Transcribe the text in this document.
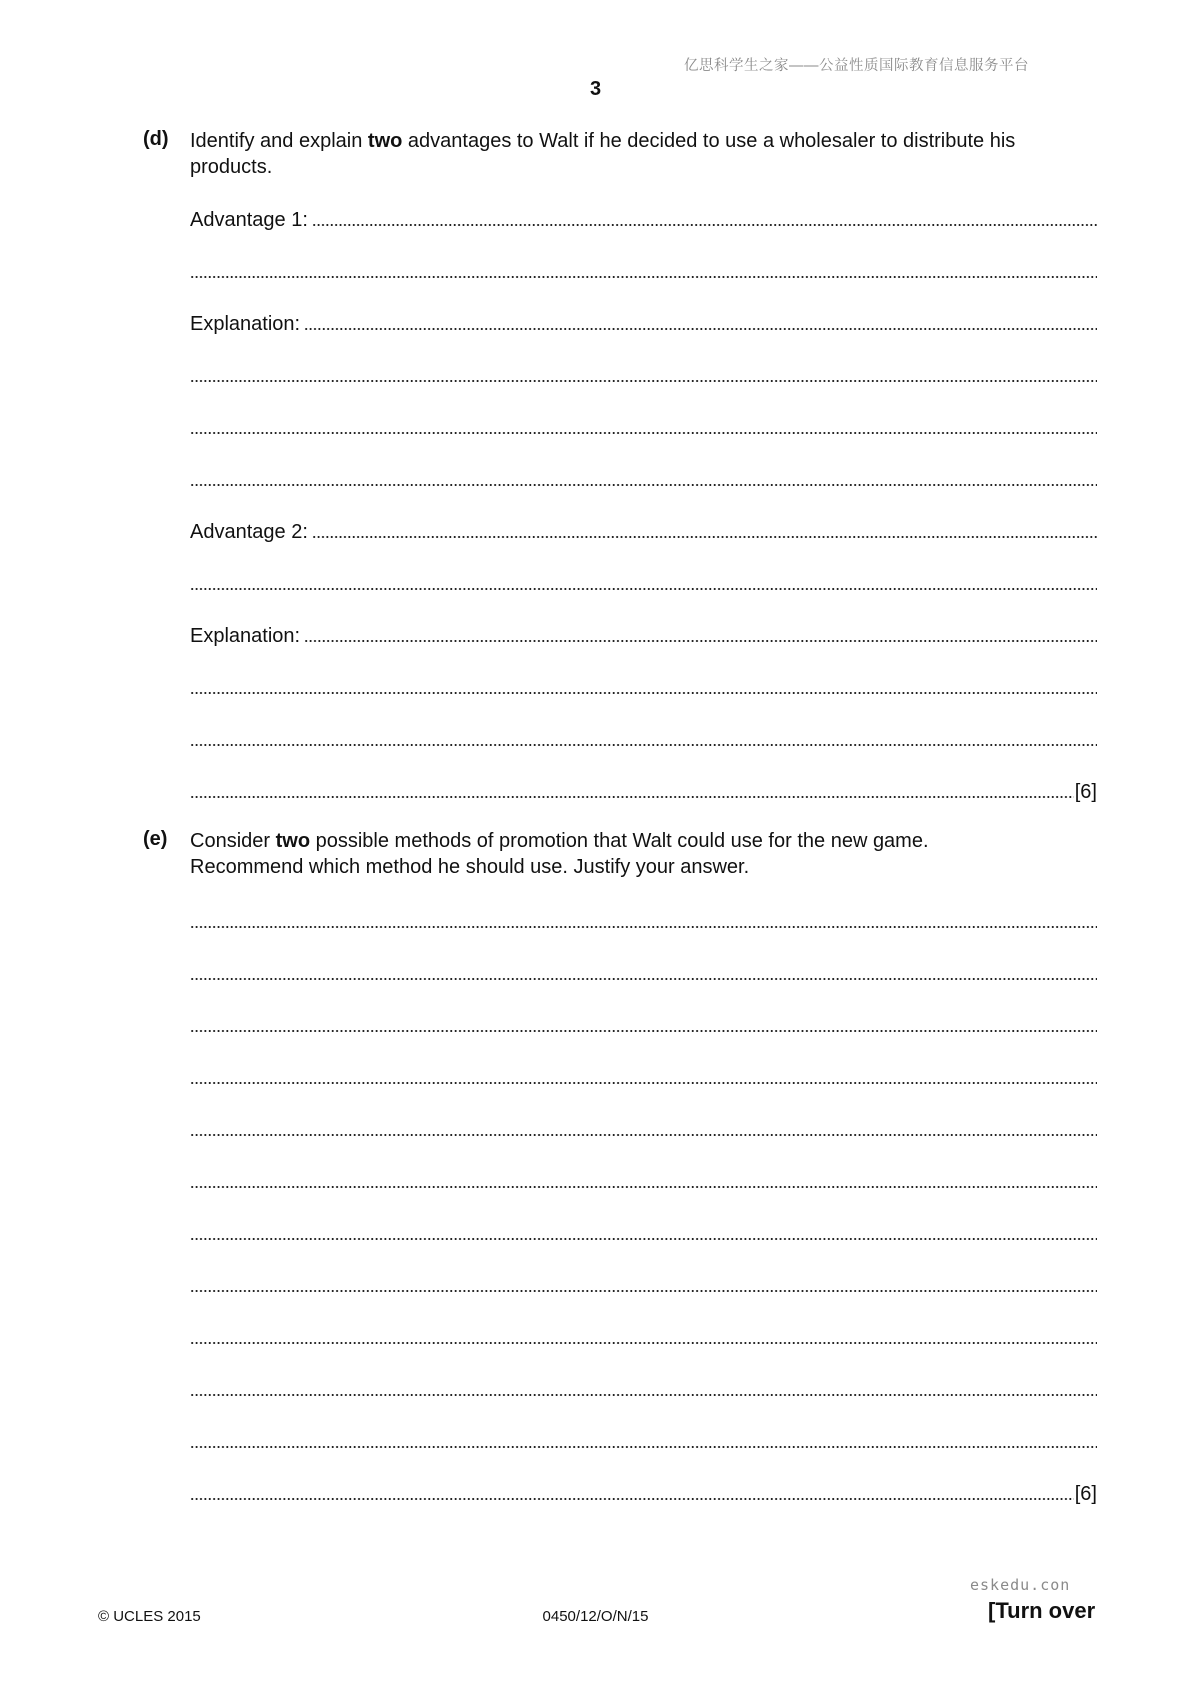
亿思科学生之家——公益性质国际教育信息服务平台
3
(d) Identify and explain two advantages to Walt if he decided to use a wholesaler to distribute his products.
Advantage 1:
Explanation:
Advantage 2:
Explanation:
[6]
(e) Consider two possible methods of promotion that Walt could use for the new game.
Recommend which method he should use. Justify your answer.
[6]
eskedu.con
© UCLES 2015	0450/12/O/N/15	[Turn over
